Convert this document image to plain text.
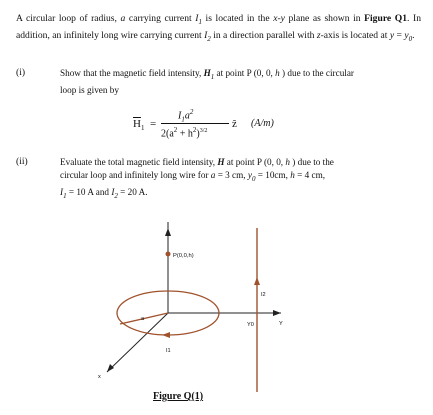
A circular loop of radius, a carrying current $I_1$ is located in the x-y plane as shown in Figure Q1. In addition, an infinitely long wire carrying current $I_2$ in a direction parallel with z-axis is located at $y = y_0$.
(i)	Show that the magnetic field intensity, $H_1$ at point P (0, 0, h ) due to the circular
loop is given by
$\overline{H}_1$ =
$I_1a^2$
$2(a^2 + h^2)^{3/2}$
ẑ (A/m)
(ii)	Evaluate the total magnetic field intensity, H at point P (0, 0, h ) due to the
circular loop and infinitely long wire for a = 3 cm, $y_0 = 10cm$, h = 4 cm,
$I_1 = 10$ A and $I_2 = 20$ A.
P(0,0,h)
a
I1
I2
Y0	Y
x
Figure Q(1)
